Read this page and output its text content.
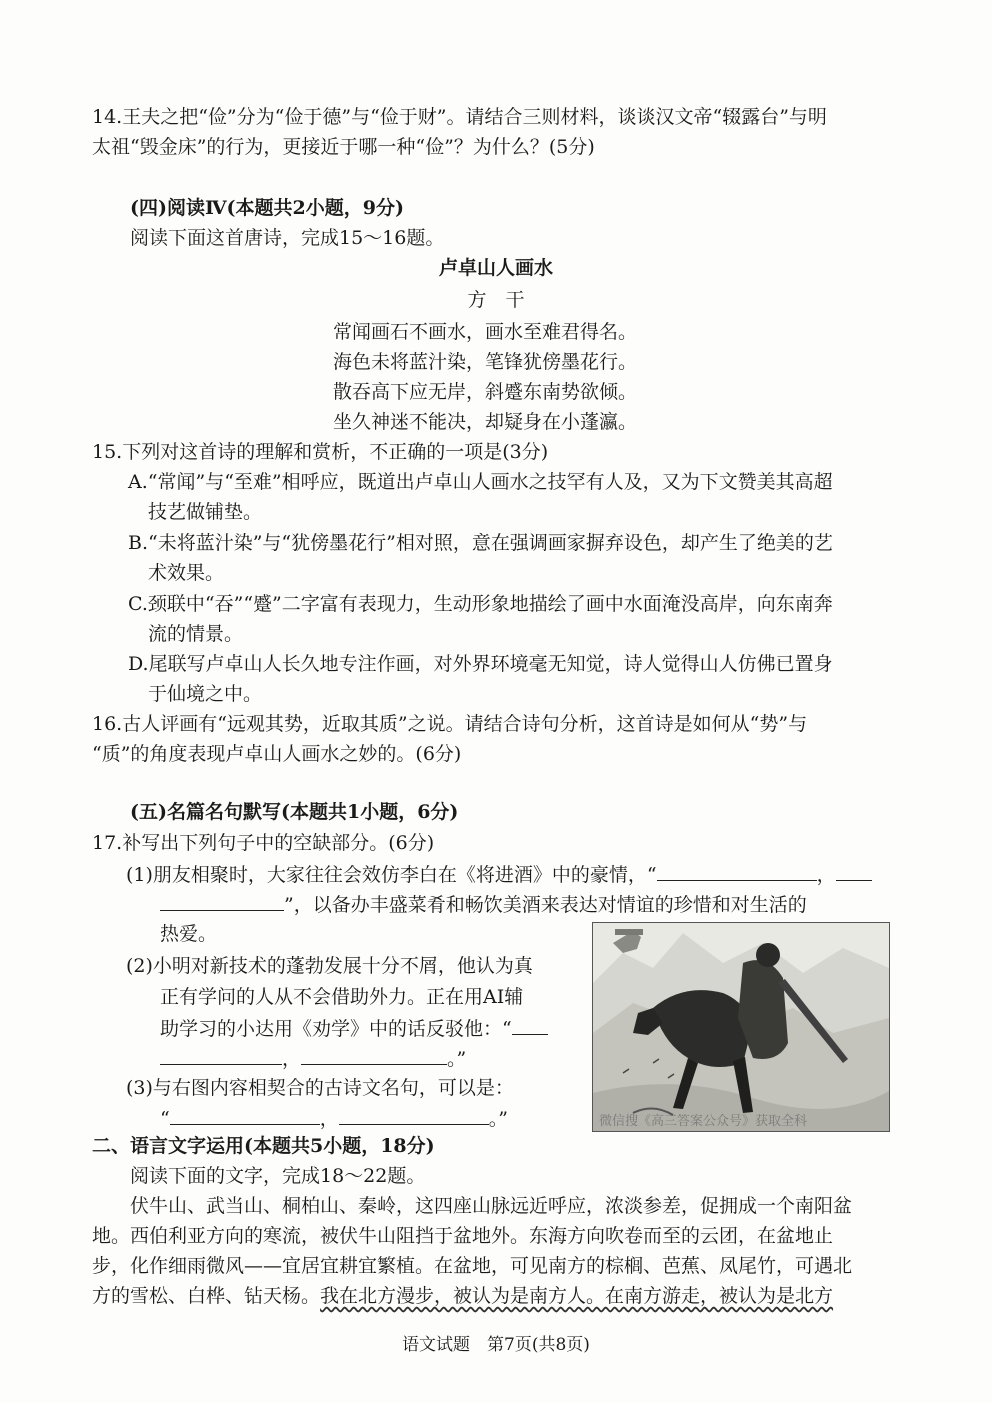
14.王夫之把“俭”分为“俭于德”与“俭于财”。请结合三则材料，谈谈汉文帝“辍露台”与明
太祖“毁金床”的行为，更接近于哪一种“俭”？为什么？(5分)
(四)阅读Ⅳ(本题共2小题，9分)
阅读下面这首唐诗，完成15～16题。
卢卓山人画水
方　干
常闻画石不画水，画水至难君得名。
海色未将蓝汁染，笔锋犹傍墨花行。
散吞高下应无岸，斜蹙东南势欲倾。
坐久神迷不能决，却疑身在小蓬瀛。
15.下列对这首诗的理解和赏析，不正确的一项是(3分)
A.“常闻”与“至难”相呼应，既道出卢卓山人画水之技罕有人及，又为下文赞美其高超
技艺做铺垫。
B.“未将蓝汁染”与“犹傍墨花行”相对照，意在强调画家摒弃设色，却产生了绝美的艺
术效果。
C.颈联中“吞”“蹙”二字富有表现力，生动形象地描绘了画中水面淹没高岸，向东南奔
流的情景。
D.尾联写卢卓山人长久地专注作画，对外界环境毫无知觉，诗人觉得山人仿佛已置身
于仙境之中。
16.古人评画有“远观其势，近取其质”之说。请结合诗句分析，这首诗是如何从“势”与
“质”的角度表现卢卓山人画水之妙的。(6分)
(五)名篇名句默写(本题共1小题，6分)
17.补写出下列句子中的空缺部分。(6分)
(1)朋友相聚时，大家往往会效仿李白在《将进酒》中的豪情，“	，
”，以备办丰盛菜肴和畅饮美酒来表达对情谊的珍惜和对生活的
热爱。
(2)小明对新技术的蓬勃发展十分不屑，他认为真
正有学问的人从不会借助外力。正在用AI辅
助学习的小达用《劝学》中的话反驳他：“
，	。”
(3)与右图内容相契合的古诗文名句，可以是：
“	，	。”	微信搜《高三答案公众号》获取全科
二、语言文字运用(本题共5小题，18分)
阅读下面的文字，完成18～22题。
伏牛山、武当山、桐柏山、秦岭，这四座山脉远近呼应，浓淡参差，促拥成一个南阳盆
地。西伯利亚方向的寒流，被伏牛山阻挡于盆地外。东海方向吹卷而至的云团，在盆地止
步，化作细雨微风——宜居宜耕宜繁植。在盆地，可见南方的棕榈、芭蕉、凤尾竹，可遇北
方的雪松、白桦、钻天杨。我在北方漫步，被认为是南方人。在南方游走，被认为是北方
语文试题　第7页(共8页)
